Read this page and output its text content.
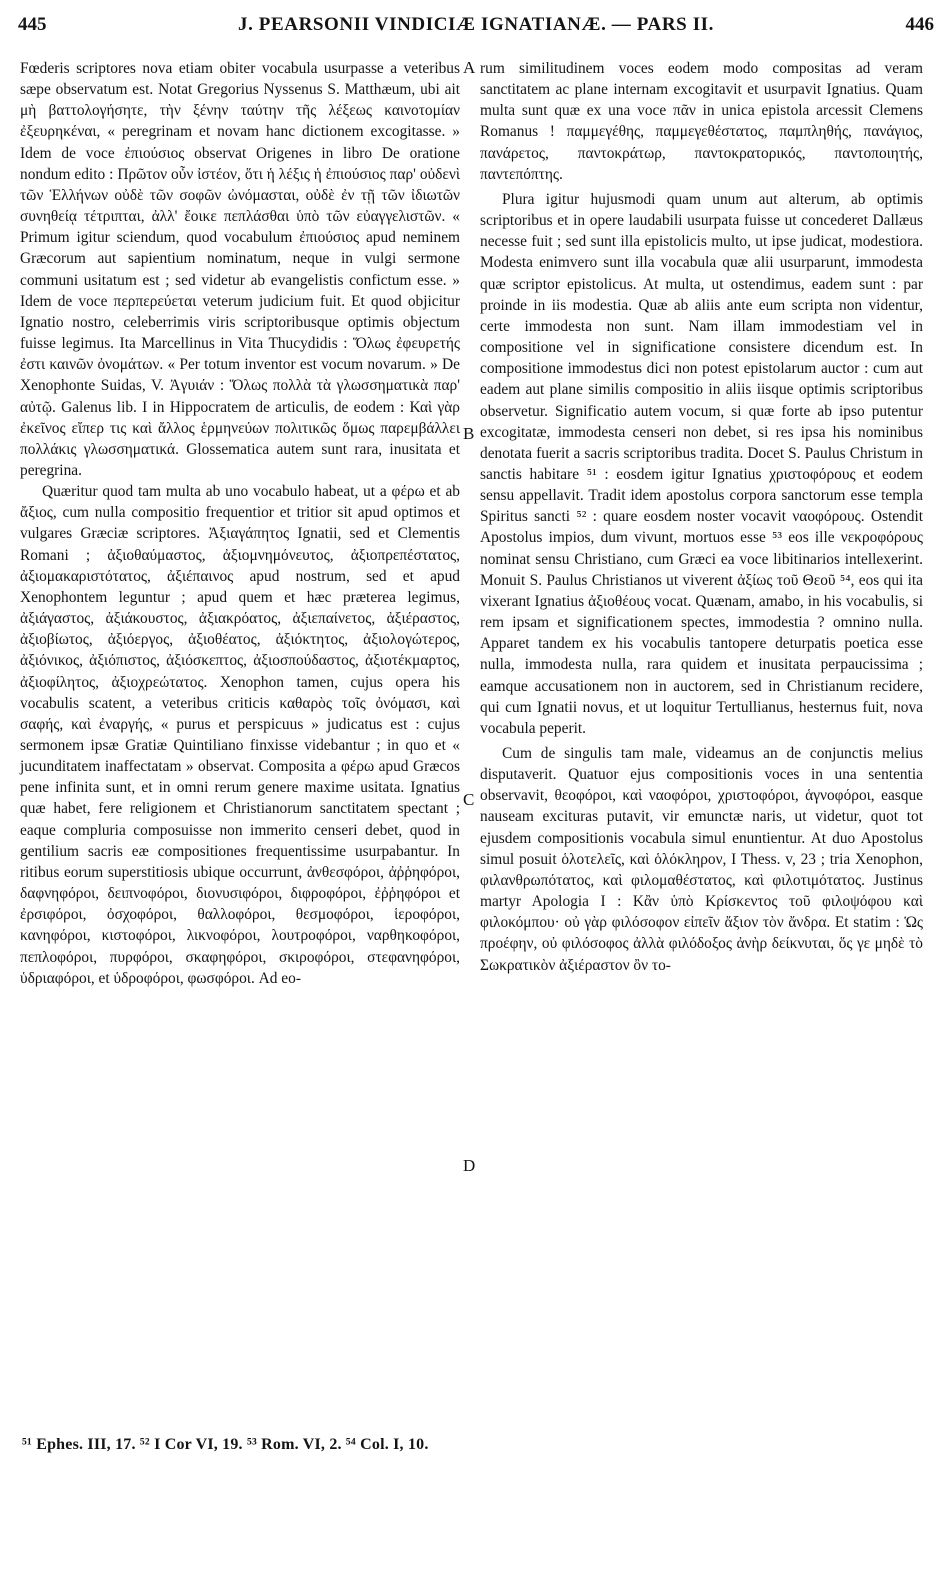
445	J. PEARSONII VINDICIÆ IGNATIANÆ. — PARS II.	446

Fœderis scriptores nova etiam obiter vocabula usurpasse a veteribus sæpe observatum est. Notat Gregorius Nyssenus S. Matthæum, ubi ait μὴ βαττολογήσητε, τὴν ξένην ταύτην τῆς λέξεως καινοτομίαν ἐξευρηκέναι, « peregrinam et novam hanc dictionem excogitasse. » Idem de voce ἐπιούσιος observat Origenes in libro De oratione nondum edito : Πρῶτον οὖν ἰστέον, ὅτι ἡ λέξις ἡ ἐπιούσιος παρ' οὐδενὶ τῶν Ἑλλήνων οὐδὲ τῶν σοφῶν ὠνόμασται, οὐδὲ ἐν τῇ τῶν ἰδιωτῶν συνηθείᾳ τέτριπται, ἀλλ' ἔοικε πεπλάσθαι ὑπὸ τῶν εὐαγγελιστῶν. « Primum igitur sciendum, quod vocabulum ἐπιούσιος apud neminem Græcorum aut sapientium nominatum, neque in vulgi sermone communi usitatum est ; sed videtur ab evangelistis confictum esse. » Idem de voce περπερεύεται veterum judicium fuit. Et quod objicitur Ignatio nostro, celeberrimis viris scriptoribusque optimis objectum fuisse legimus. Ita Marcellinus in Vita Thucydidis : Ὅλως ἐφευρετής ἐστι καινῶν ὀνομάτων. « Per totum inventor est vocum novarum. » De Xenophonte Suidas, V. Ἀγυιάν : Ὅλως πολλὰ τὰ γλωσσηματικὰ παρ' αὐτῷ. Galenus lib. I in Hippocratem de articulis, de eodem : Καὶ γὰρ ἐκεῖνος εἴπερ τις καὶ ἄλλος ἑρμηνεύων πολιτικῶς ὅμως παρεμβάλλει πολλάκις γλωσσηματικά. Glossematica autem sunt rara, inusitata et peregrina.

Quæritur quod tam multa ab uno vocabulo habeat, ut a φέρω et ab ἄξιος, cum nulla compositio frequentior et tritior sit apud optimos et vulgares Græciæ scriptores. Ἀξιαγάπητος Ignatii, sed et Clementis Romani ; ἀξιοθαύμαστος, ἀξιομνημόνευτος, ἀξιοπρεπέστατος, ἀξιομακαριστότατος, ἀξιέπαινος apud nostrum, sed et apud Xenophontem leguntur ; apud quem et hæc præterea legimus, ἀξιάγαστος, ἀξιάκουστος, ἀξιακρόατος, ἀξιεπαίνετος, ἀξιέραστος, ἀξιοβίωτος, ἀξιόεργος, ἀξιοθέατος, ἀξιόκτητος, ἀξιολογώτερος, ἀξιόνικος, ἀξιόπιστος, ἀξιόσκεπτος, ἀξιοσπούδαστος, ἀξιοτέκμαρτος, ἀξιοφίλητος, ἀξιοχρεώτατος. Xenophon tamen, cujus opera his vocabulis scatent, a veteribus criticis καθαρὸς τοῖς ὀνόμασι, καὶ σαφής, καὶ ἐναργής, « purus et perspicuus » judicatus est : cujus sermonem ipsæ Gratiæ Quintiliano finxisse videbantur ; in quo et « jucunditatem inaffectatam » observat. Composita a φέρω apud Græcos pene infinita sunt, et in omni rerum genere maxime usitata. Ignatius quæ habet, fere religionem et Christianorum sanctitatem spectant ; eaque compluria composuisse non immerito censeri debet, quod in gentilium sacris eæ compositiones frequentissime usurpabantur. In ritibus eorum superstitiosis ubique occurrunt, ἀνθεσφόροι, ἀῤῥηφόροι, δαφνηφόροι, δειπνοφόροι, διονυσιφόροι, διφροφόροι, ἐῤῥηφόροι et ἐρσιφόροι, ὀσχοφόροι, θαλλοφόροι, θεσμοφόροι, ἱεροφόροι, κανηφόροι, κιστοφόροι, λικνοφόροι, λουτροφόροι, ναρθηκοφόροι, πεπλοφόροι, πυρφόροι, σκαφηφόροι, σκιροφόροι, στεφανηφόροι, ὑδριαφόροι, et ὑδροφόροι, φωσφόροι. Ad eo-

A
B
C
D

rum similitudinem voces eodem modo compositas ad veram sanctitatem ac plane internam excogitavit et usurpavit Ignatius. Quam multa sunt quæ ex una voce πᾶν in unica epistola arcessit Clemens Romanus ! παμμεγέθης, παμμεγεθέστατος, παμπληθής, πανάγιος, πανάρετος, παντοκράτωρ, παντοκρατορικός, παντοποιητής, παντεπόπτης.

Plura igitur hujusmodi quam unum aut alterum, ab optimis scriptoribus et in opere laudabili usurpata fuisse ut concederet Dallæus necesse fuit ; sed sunt illa epistolicis multo, ut ipse judicat, modestiora. Modesta enimvero sunt illa vocabula quæ alii usurparunt, immodesta quæ scriptor epistolicus. At multa, ut ostendimus, eadem sunt : par proinde in iis modestia. Quæ ab aliis ante eum scripta non videntur, certe immodesta non sunt. Nam illam immodestiam vel in compositione vel in significatione consistere dicendum est. In compositione immodestus dici non potest epistolarum auctor : cum aut eadem aut plane similis compositio in aliis iisque optimis scriptoribus observetur. Significatio autem vocum, si quæ forte ab ipso putentur excogitatæ, immodesta censeri non debet, si res ipsa his nominibus denotata fuerit a sacris scriptoribus tradita. Docet S. Paulus Christum in sanctis habitare ⁵¹ : eosdem igitur Ignatius χριστοφόρους et eodem sensu appellavit. Tradit idem apostolus corpora sanctorum esse templa Spiritus sancti ⁵² : quare eosdem noster vocavit ναοφόρους. Ostendit Apostolus impios, dum vivunt, mortuos esse ⁵³ eos ille νεκροφόρους nominat sensu Christiano, cum Græci ea voce libitinarios intellexerint. Monuit S. Paulus Christianos ut viverent ἀξίως τοῦ Θεοῦ ⁵⁴, eos qui ita vixerant Ignatius ἀξιοθέους vocat. Quænam, amabo, in his vocabulis, si rem ipsam et significationem spectes, immodestia ? omnino nulla. Apparet tandem ex his vocabulis tantopere deturpatis poetica esse nulla, immodesta nulla, rara quidem et inusitata perpaucissima ; eamque accusationem non in auctorem, sed in Christianum recidere, qui cum Ignatii novus, et ut loquitur Tertullianus, hesternus fuit, nova vocabula peperit.

Cum de singulis tam male, videamus an de conjunctis melius disputaverit. Quatuor ejus compositionis voces in una sententia observavit, θεοφόροι, καὶ ναοφόροι, χριστοφόροι, ἁγνοφόροι, easque nauseam excituras putavit, vir emunctæ naris, ut videtur, quot tot ejusdem compositionis vocabula simul enuntientur. At duo Apostolus simul posuit ὁλοτελεῖς, καὶ ὁλόκληρον, I Thess. v, 23 ; tria Xenophon, φιλανθρωπότατος, καὶ φιλομαθέστατος, καὶ φιλοτιμότατος. Justinus martyr Apologia I : Κἂν ὑπὸ Κρίσκεντος τοῦ φιλοψόφου καὶ φιλοκόμπου· οὐ γὰρ φιλόσοφον εἰπεῖν ἄξιον τὸν ἄνδρα. Et statim : Ὡς προέφην, οὐ φιλόσοφος ἀλλὰ φιλόδοξος ἀνὴρ δείκνυται, ὅς γε μηδὲ τὸ Σωκρατικὸν ἀξιέραστον ὂν το-

⁵¹ Ephes. III, 17. ⁵² I Cor VI, 19. ⁵³ Rom. VI, 2. ⁵⁴ Col. I, 10.
